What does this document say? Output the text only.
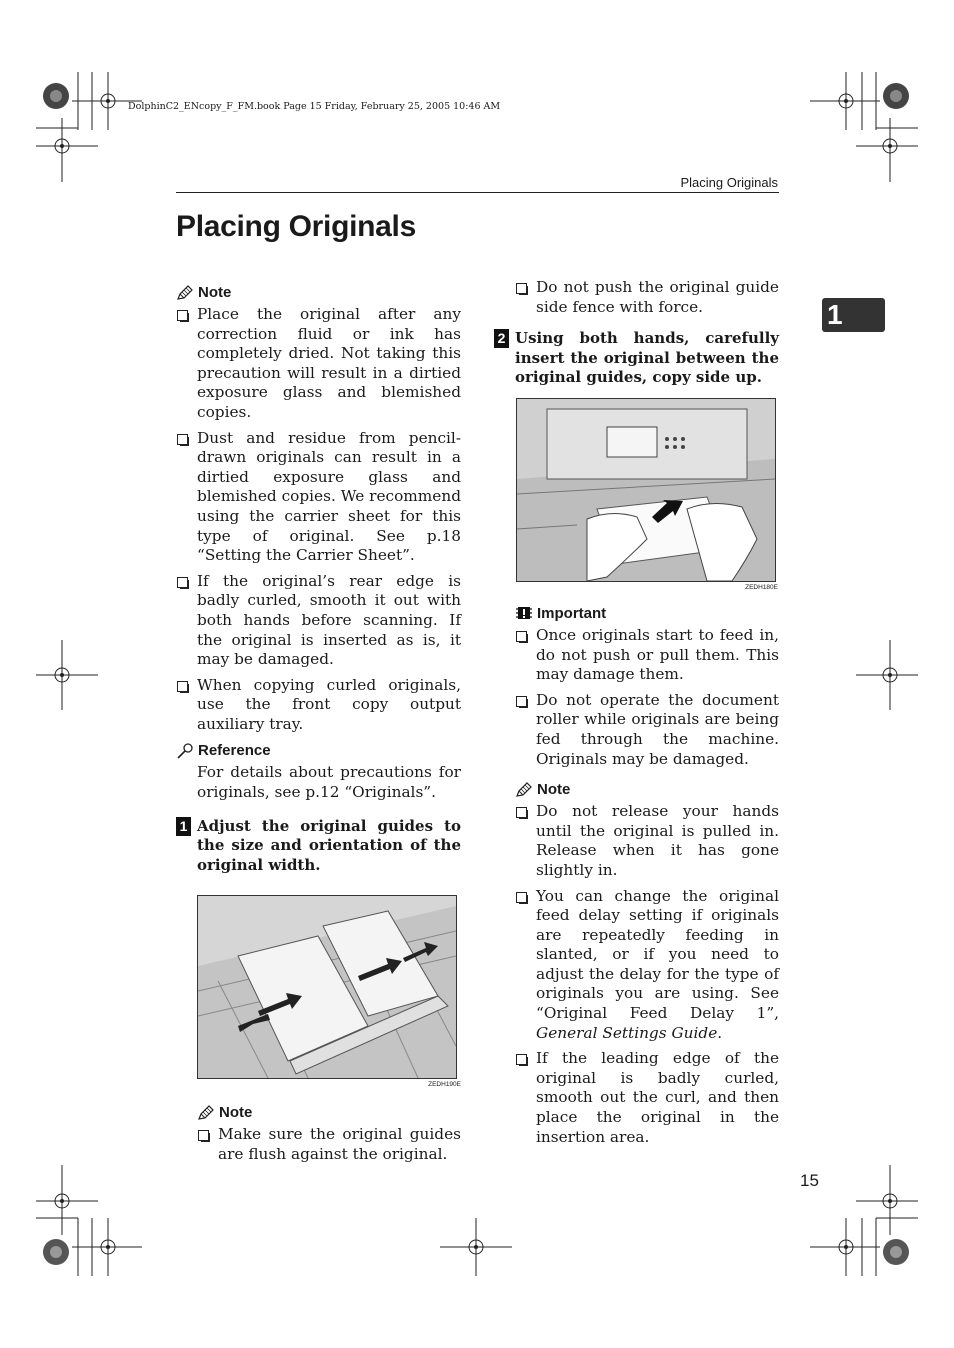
DolphinC2_ENcopy_F_FM.book Page 15 Friday, February 25, 2005 10:46 AM
Placing Originals
Placing Originals
1
Note
Place the original after any correction fluid or ink has completely dried. Not taking this precaution will result in a dirtied exposure glass and blemished copies.
Dust and residue from pencil-drawn originals can result in a dirtied exposure glass and blemished copies. We recommend using the carrier sheet for this type of original. See p.18 “Setting the Carrier Sheet”.
If the original’s rear edge is badly curled, smooth it out with both hands before scanning. If the original is inserted as is, it may be damaged.
When copying curled originals, use the front copy output auxiliary tray.
Reference
For details about precautions for originals, see p.12 “Originals”.
1 Adjust the original guides to the size and orientation of the original width.
ZEDH190E
Note
Make sure the original guides are flush against the original.
Do not push the original guide side fence with force.
2 Using both hands, carefully insert the original between the original guides, copy side up.
ZEDH180E
Important
Once originals start to feed in, do not push or pull them. This may damage them.
Do not operate the document roller while originals are being fed through the machine. Originals may be damaged.
Note
Do not release your hands until the original is pulled in. Release when it has gone slightly in.
You can change the original feed delay setting if originals are repeatedly feeding in slanted, or if you need to adjust the delay for the type of originals you are using. See “Original Feed Delay 1”, General Settings Guide.
If the leading edge of the original is badly curled, smooth out the curl, and then place the original in the insertion area.
15
